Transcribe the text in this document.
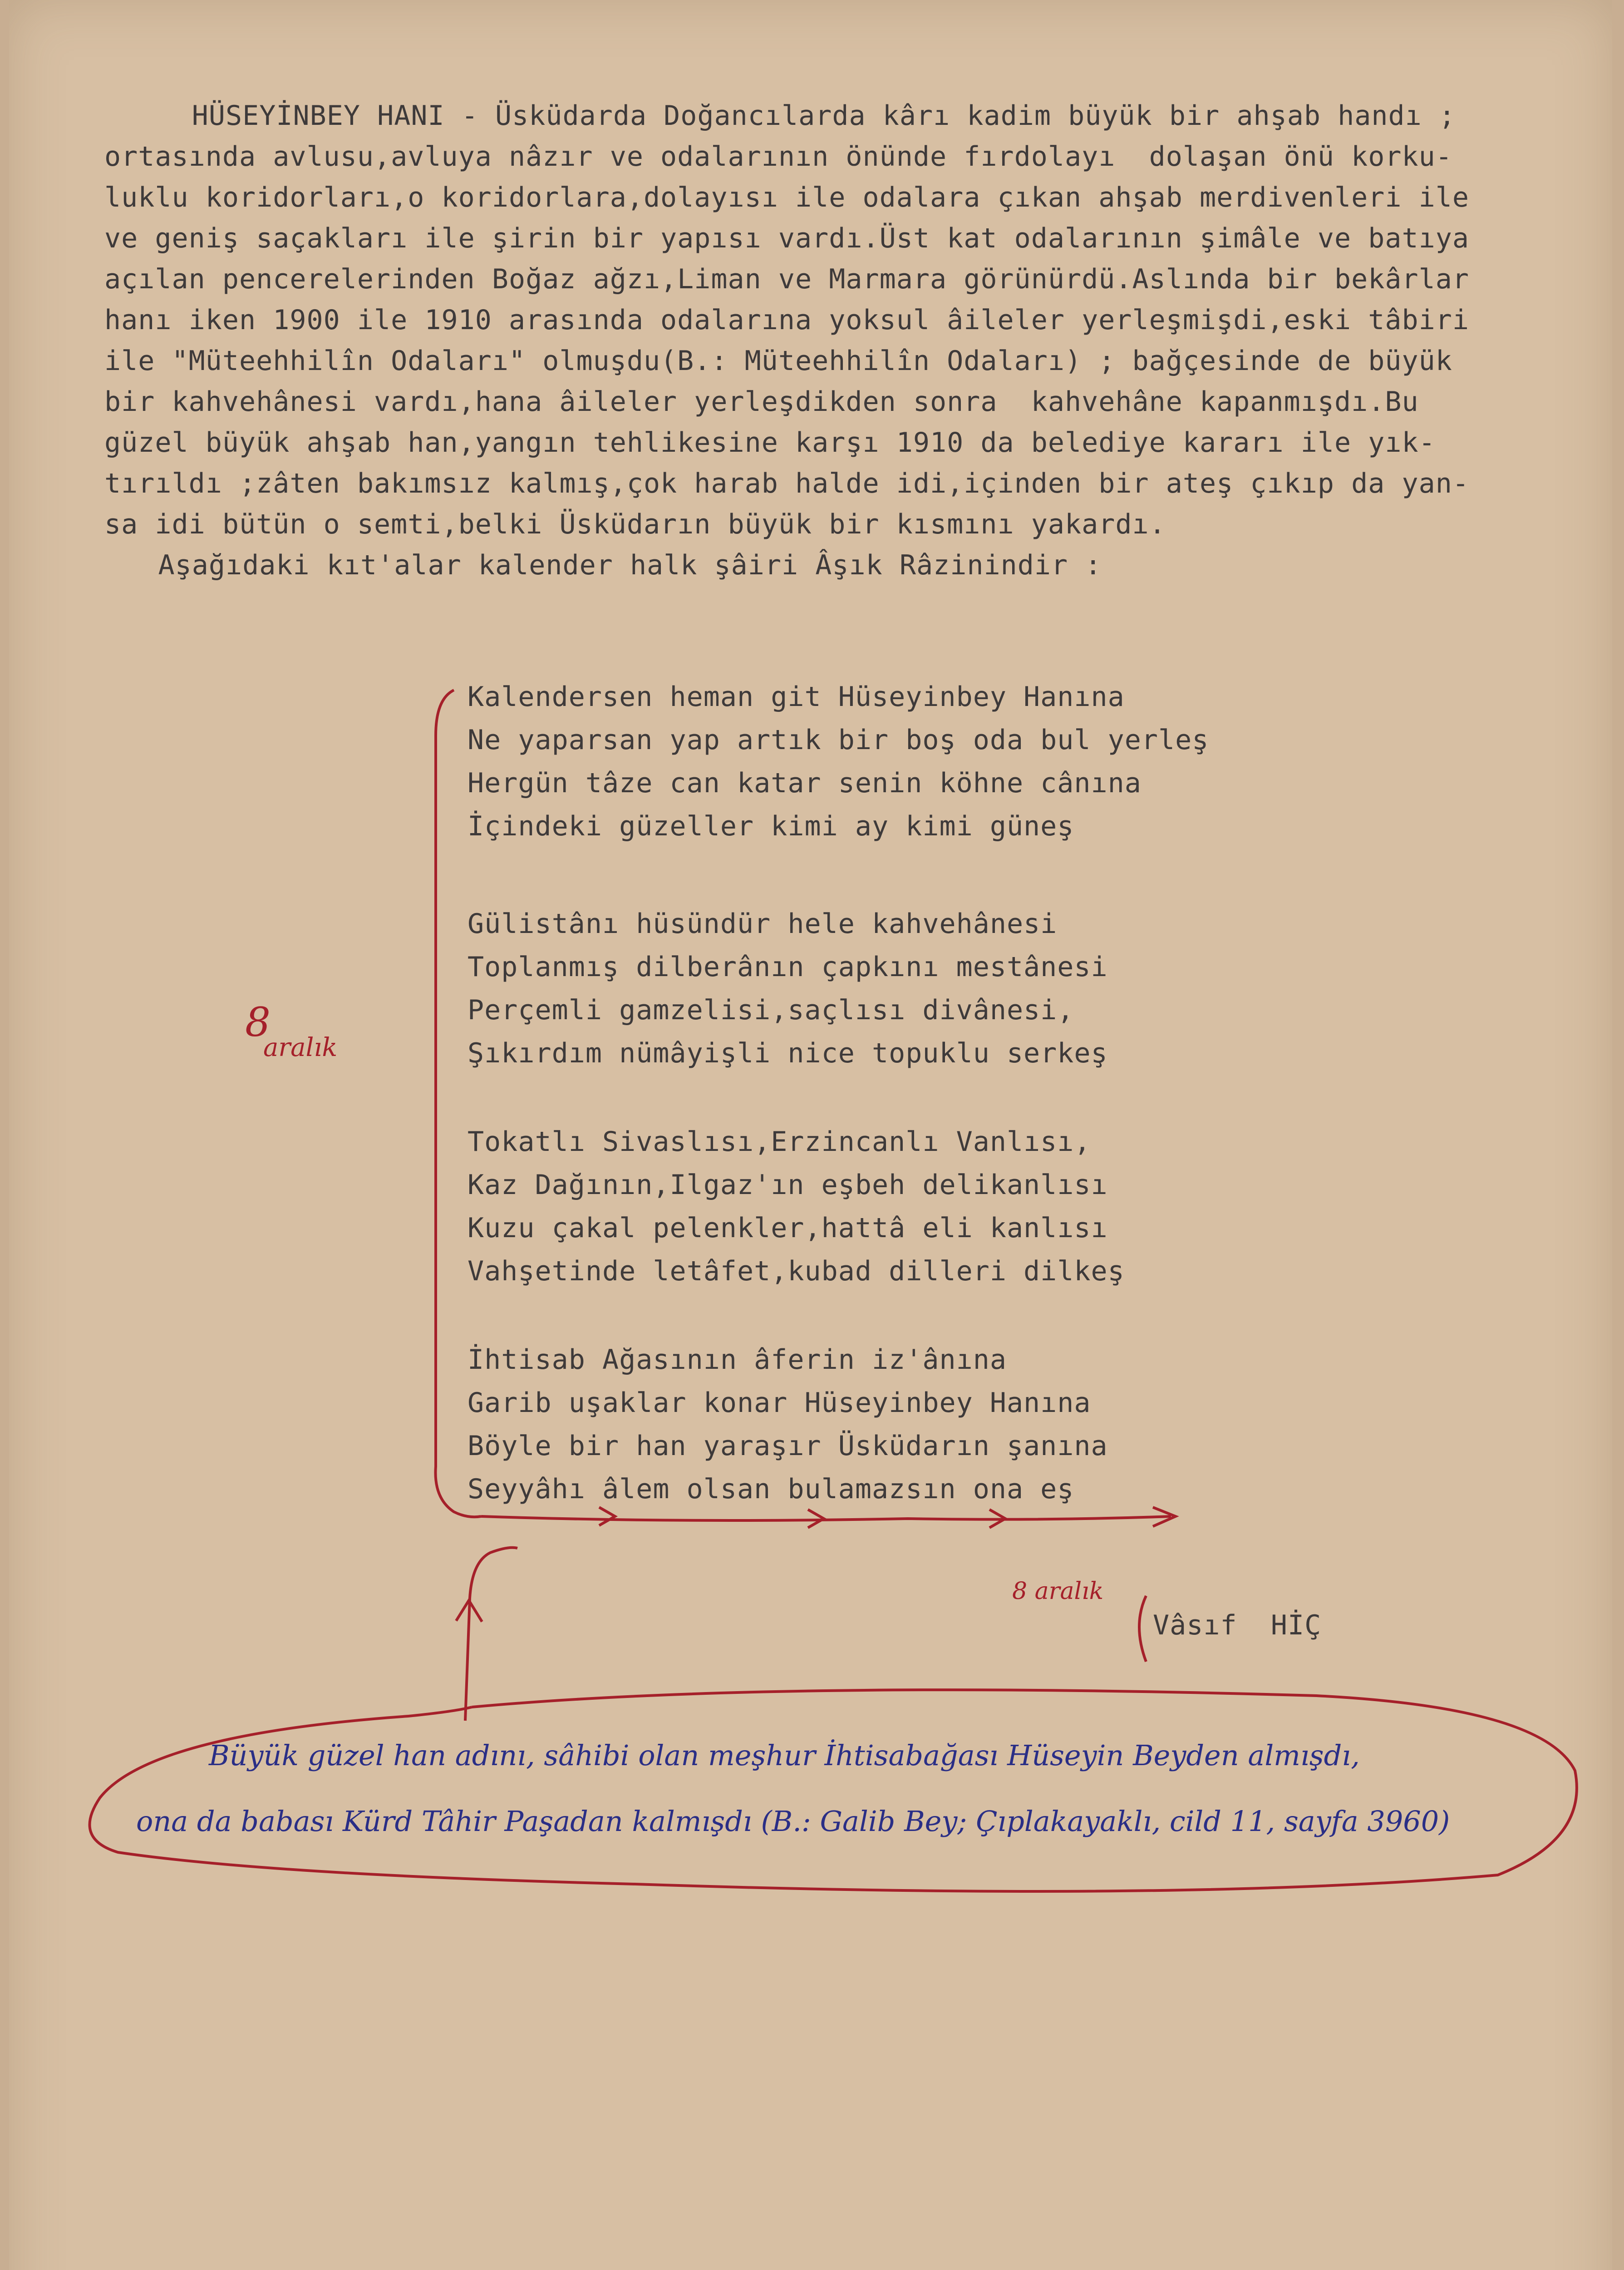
HÜSEYİNBEY HANI - Üsküdarda Doğancılarda kârı kadim büyük bir ahşab handı ;
ortasında avlusu,avluya nâzır ve odalarının önünde fırdolayı  dolaşan önü korku-
luklu koridorları,o koridorlara,dolayısı ile odalara çıkan ahşab merdivenleri ile
ve geniş saçakları ile şirin bir yapısı vardı.Üst kat odalarının şimâle ve batıya
açılan pencerelerinden Boğaz ağzı,Liman ve Marmara görünürdü.Aslında bir bekârlar
hanı iken 1900 ile 1910 arasında odalarına yoksul âileler yerleşmişdi,eski tâbiri
ile "Müteehhilîn Odaları" olmuşdu(B.: Müteehhilîn Odaları) ; bağçesinde de büyük
bir kahvehânesi vardı,hana âileler yerleşdikden sonra  kahvehâne kapanmışdı.Bu
güzel büyük ahşab han,yangın tehlikesine karşı 1910 da belediye kararı ile yık-
tırıldı ;zâten bakımsız kalmış,çok harab halde idi,içinden bir ateş çıkıp da yan-
sa idi bütün o semti,belki Üsküdarın büyük bir kısmını yakardı.
Aşağıdaki kıt'alar kalender halk şâiri Âşık Râzinindir :
Kalendersen heman git Hüseyinbey Hanına
Ne yaparsan yap artık bir boş oda bul yerleş
Hergün tâze can katar senin köhne cânına
İçindeki güzeller kimi ay kimi güneş
Gülistânı hüsündür hele kahvehânesi
Toplanmış dilberânın çapkını mestânesi
Perçemli gamzelisi,saçlısı divânesi,
Şıkırdım nümâyişli nice topuklu serkeş
Tokatlı Sivaslısı,Erzincanlı Vanlısı,
Kaz Dağının,Ilgaz'ın eşbeh delikanlısı
Kuzu çakal pelenkler,hattâ eli kanlısı
Vahşetinde letâfet,kubad dilleri dilkeş
İhtisab Ağasının âferin iz'ânına
Garib uşaklar konar Hüseyinbey Hanına
Böyle bir han yaraşır Üsküdarın şanına
Seyyâhı âlem olsan bulamazsın ona eş
Vâsıf  HİÇ
8
aralık
8 aralık
Büyük güzel han adını, sâhibi olan meşhur İhtisabağası Hüseyin Beyden almışdı,
ona da babası Kürd Tâhir Paşadan kalmışdı (B.: Galib Bey; Çıplakayaklı, cild 11, sayfa 3960)
